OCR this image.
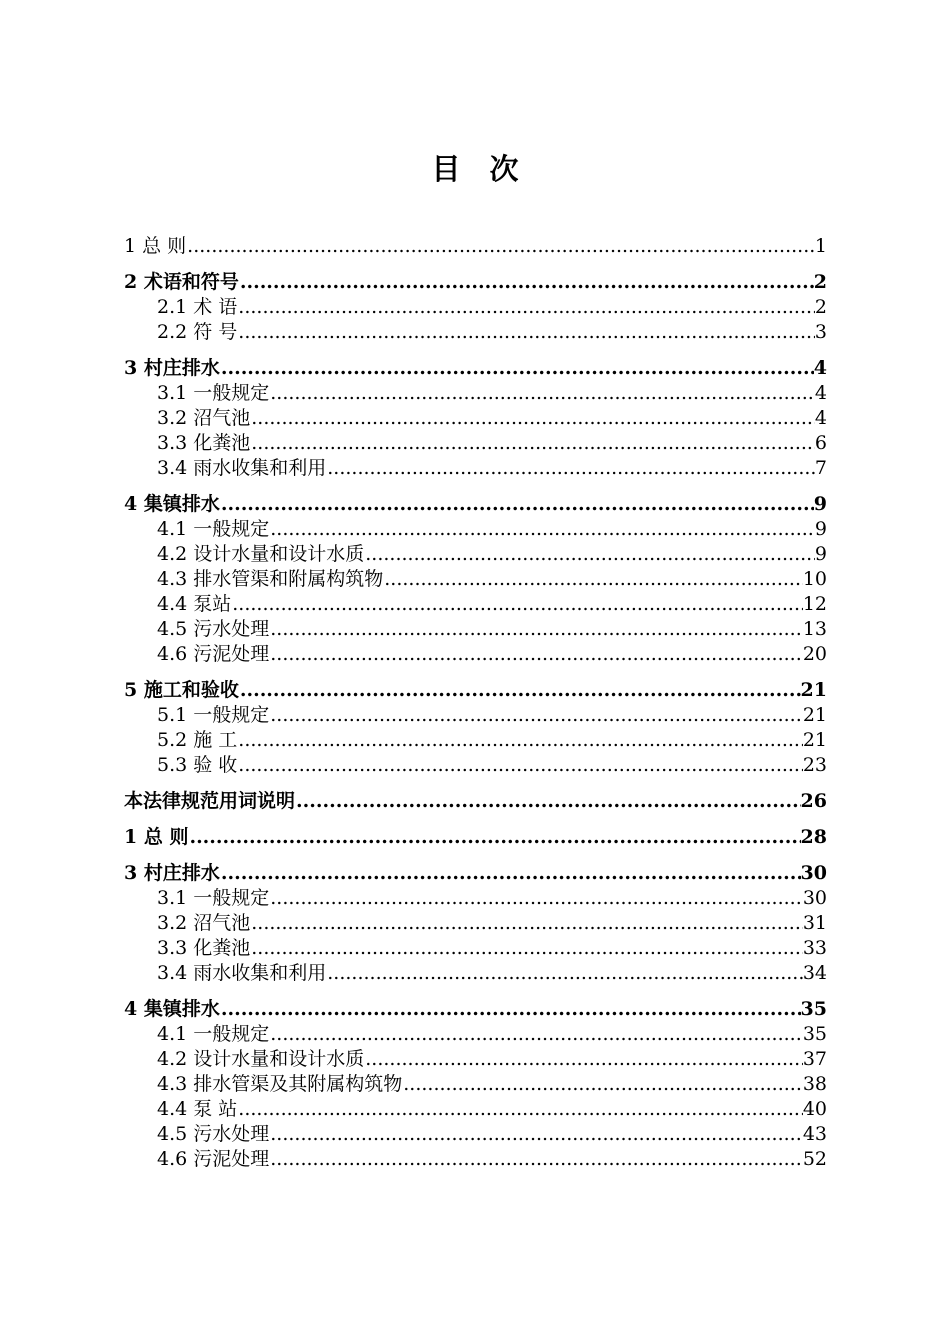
目　次
1 总 则 .....	1
2 术语和符号 .....	2
2.1 术 语 .....	2
2.2 符 号 .....	3
3 村庄排水 .....	4
3.1 一般规定 .....	4
3.2 沼气池 .....	4
3.3 化粪池 .....	6
3.4 雨水收集和利用 .....	7
4 集镇排水 .....	9
4.1 一般规定 .....	9
4.2 设计水量和设计水质 .....	9
4.3 排水管渠和附属构筑物 .....	10
4.4 泵站 .....	12
4.5 污水处理 .....	13
4.6 污泥处理 .....	20
5 施工和验收 .....	21
5.1 一般规定 .....	21
5.2 施 工 .....	21
5.3 验 收 .....	23
本法律规范用词说明 .....	26
1 总 则 .....	28
3 村庄排水 .....	30
3.1 一般规定 .....	30
3.2 沼气池 .....	31
3.3 化粪池 .....	33
3.4 雨水收集和利用 .....	34
4 集镇排水 .....	35
4.1 一般规定 .....	35
4.2 设计水量和设计水质 .....	37
4.3 排水管渠及其附属构筑物 .....	38
4.4 泵 站 .....	40
4.5 污水处理 .....	43
4.6 污泥处理 .....	52
